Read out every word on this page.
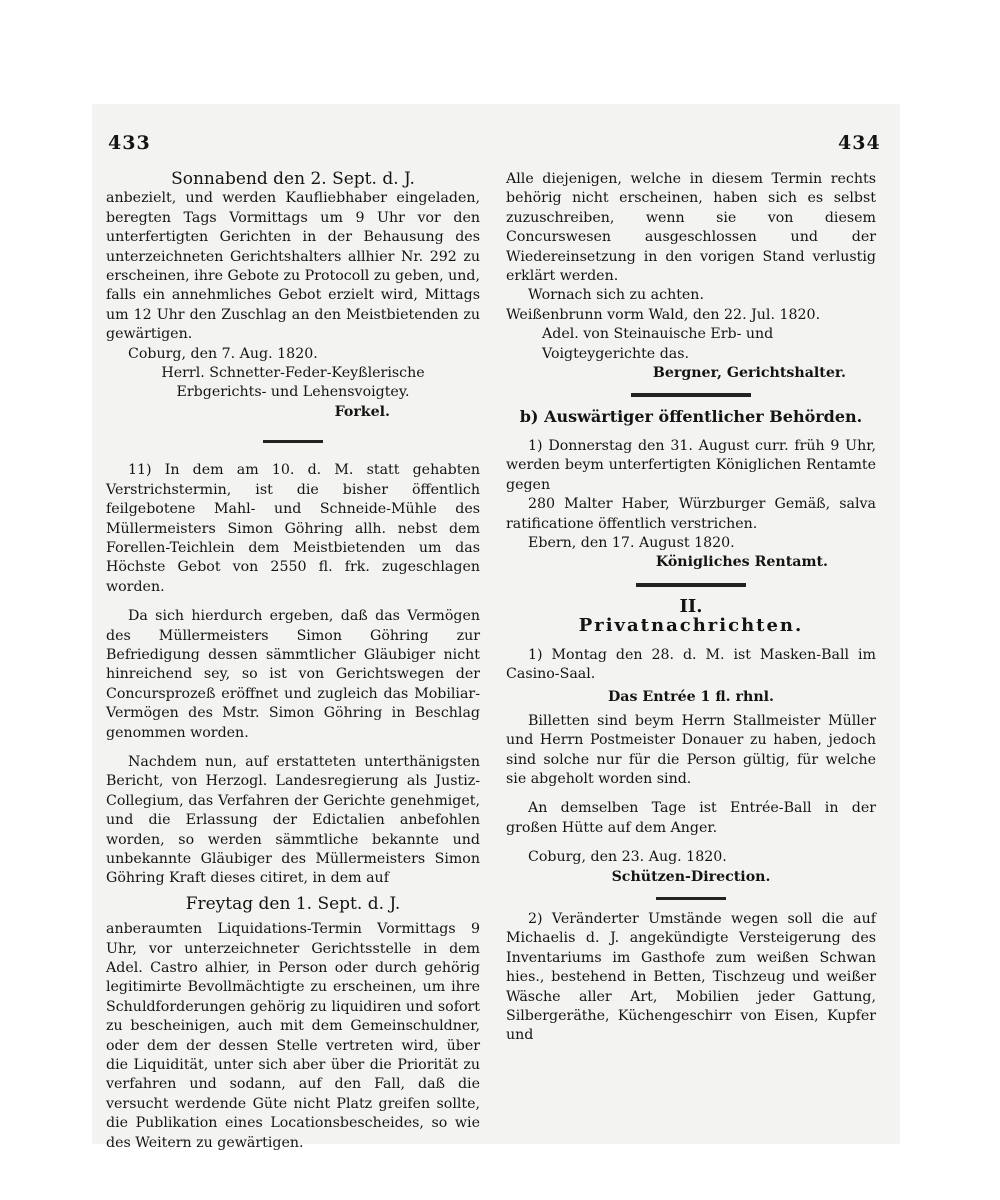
433	434
Sonnabend den 2. Sept. d. J.

anbezielt, und werden Kaufliebhaber eingeladen, beregten Tags Vormittags um 9 Uhr vor den unterfertigten Gerichten in der Behausung des unterzeichneten Gerichtshalters allhier Nr. 292 zu erscheinen, ihre Gebote zu Protocoll zu geben, und, falls ein annehmliches Gebot erzielt wird, Mittags um 12 Uhr den Zuschlag an den Meistbietenden zu gewärtigen.

Coburg, den 7. Aug. 1820.

Herrl. Schnetter-Feder-Keyßlerische
Erbgerichts- und Lehensvoigtey.
Forkel.

11) In dem am 10. d. M. statt gehabten Verstrichstermin, ist die bisher öffentlich feilgebotene Mahl- und Schneide-Mühle des Müllermeisters Simon Göhring allh. nebst dem Forellen-Teichlein dem Meistbietenden um das Höchste Gebot von 2550 fl. frk. zugeschlagen worden.

Da sich hierdurch ergeben, daß das Vermögen des Müllermeisters Simon Göhring zur Befriedigung dessen sämmtlicher Gläubiger nicht hinreichend sey, so ist von Gerichtswegen der Concursprozeß eröffnet und zugleich das Mobiliar-Vermögen des Mstr. Simon Göhring in Beschlag genommen worden.

Nachdem nun, auf erstatteten unterthänigsten Bericht, von Herzogl. Landesregierung als Justiz-Collegium, das Verfahren der Gerichte genehmiget, und die Erlassung der Edictalien anbefohlen worden, so werden sämmtliche bekannte und unbekannte Gläubiger des Müllermeisters Simon Göhring Kraft dieses citiret, in dem auf

Freytag den 1. Sept. d. J.

anberaumten Liquidations-Termin Vormittags 9 Uhr, vor unterzeichneter Gerichtsstelle in dem Adel. Castro alhier, in Person oder durch gehörig legitimirte Bevollmächtigte zu erscheinen, um ihre Schuldforderungen gehörig zu liquidiren und sofort zu bescheinigen, auch mit dem Gemeinschuldner, oder dem der dessen Stelle vertreten wird, über die Liquidität, unter sich aber über die Priorität zu verfahren und sodann, auf den Fall, daß die versucht werdende Güte nicht Platz greifen sollte, die Publikation eines Locationsbescheides, so wie des Weitern zu gewärtigen.

Alle diejenigen, welche in diesem Termin rechts behörig nicht erscheinen, haben sich es selbst zuzuschreiben, wenn sie von diesem Concurswesen ausgeschlossen und der Wiedereinsetzung in den vorigen Stand verlustig erklärt werden.

Wornach sich zu achten.

Weißenbrunn vorm Wald, den 22. Jul. 1820.
Adel. von Steinauische Erb- und Voigteygerichte das.
Bergner, Gerichtshalter.
b) Auswärtiger öffentlicher Behörden.

1) Donnerstag den 31. August curr. früh 9 Uhr, werden beym unterfertigten Königlichen Rentamte gegen

280 Malter Haber, Würzburger Gemäß, salva ratificatione öffentlich verstrichen.

Ebern, den 17. August 1820.

Königliches Rentamt.
II.
Privatnachrichten.

1) Montag den 28. d. M. ist Masken-Ball im Casino-Saal.

Das Entrée 1 fl. rhnl.

Billetten sind beym Herrn Stallmeister Müller und Herrn Postmeister Donauer zu haben, jedoch sind solche nur für die Person gültig, für welche sie abgeholt worden sind.

An demselben Tage ist Entrée-Ball in der großen Hütte auf dem Anger.

Coburg, den 23. Aug. 1820.

Schützen-Direction.

2) Veränderter Umstände wegen soll die auf Michaelis d. J. angekündigte Versteigerung des Inventariums im Gasthofe zum weißen Schwan hies., bestehend in Betten, Tischzeug und weißer Wäsche aller Art, Mobilien jeder Gattung, Silbergeräthe, Küchengeschirr von Eisen, Kupfer und
